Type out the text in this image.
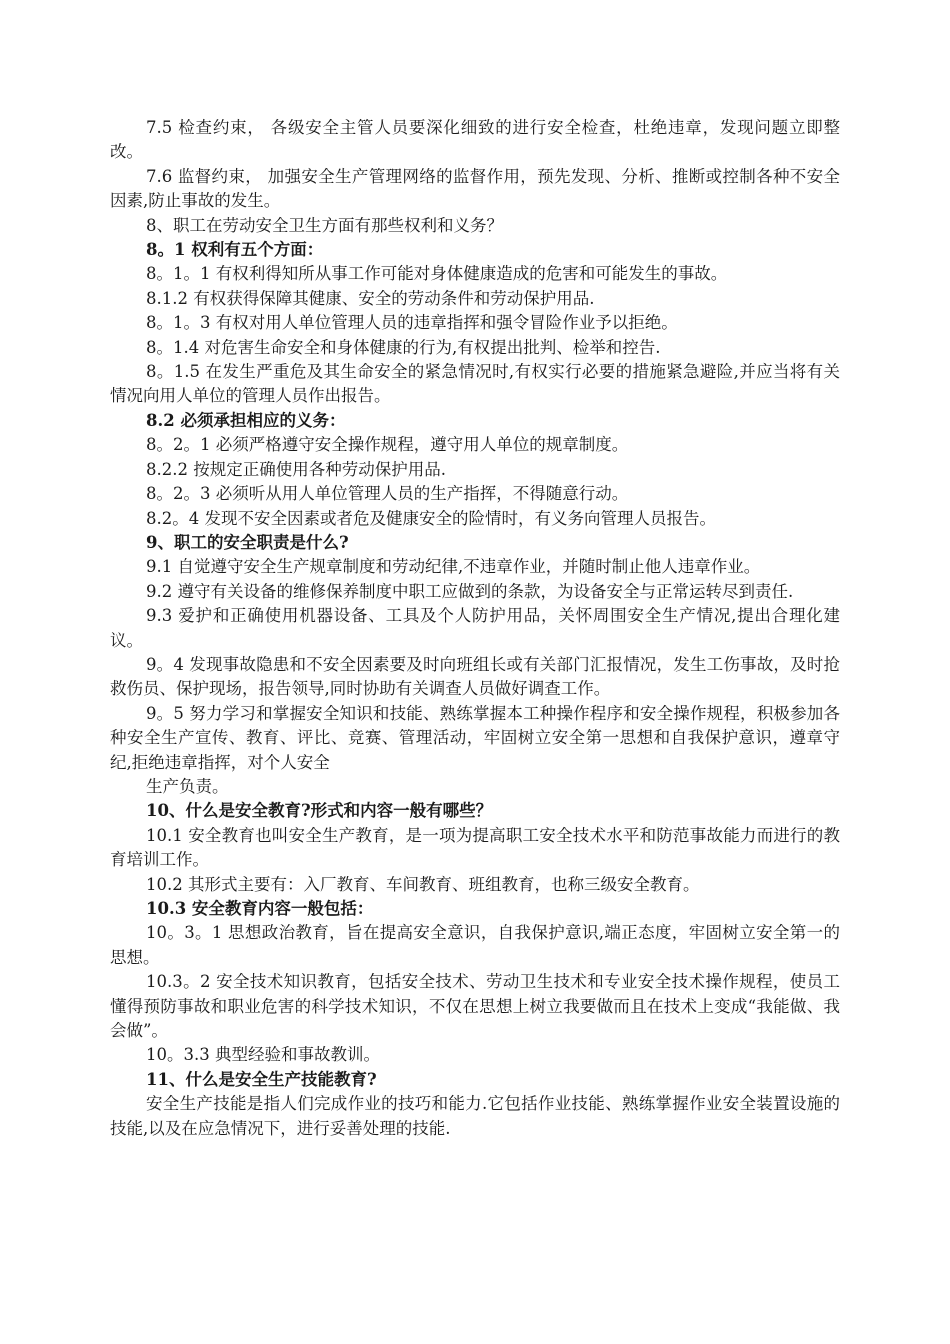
7.5 检查约束， 各级安全主管人员要深化细致的进行安全检查，杜绝违章，发现问题立即整改。

7.6 监督约束， 加强安全生产管理网络的监督作用，预先发现、分析、推断或控制各种不安全因素,防止事故的发生。

8、职工在劳动安全卫生方面有那些权利和义务？

8。1 权利有五个方面：

8。1。1 有权利得知所从事工作可能对身体健康造成的危害和可能发生的事故。

8.1.2 有权获得保障其健康、安全的劳动条件和劳动保护用品.

8。1。3 有权对用人单位管理人员的违章指挥和强令冒险作业予以拒绝。

8。1.4 对危害生命安全和身体健康的行为,有权提出批判、检举和控告.

8。1.5 在发生严重危及其生命安全的紧急情况时,有权实行必要的措施紧急避险,并应当将有关情况向用人单位的管理人员作出报告。

8.2 必须承担相应的义务：

8。2。1 必须严格遵守安全操作规程，遵守用人单位的规章制度。

8.2.2 按规定正确使用各种劳动保护用品.

8。2。3 必须听从用人单位管理人员的生产指挥，不得随意行动。

8.2。4 发现不安全因素或者危及健康安全的险情时，有义务向管理人员报告。

9、职工的安全职责是什么?

9.1 自觉遵守安全生产规章制度和劳动纪律,不违章作业，并随时制止他人违章作业。

9.2 遵守有关设备的维修保养制度中职工应做到的条款，为设备安全与正常运转尽到责任.

9.3 爱护和正确使用机器设备、工具及个人防护用品，关怀周围安全生产情况,提出合理化建议。

9。4 发现事故隐患和不安全因素要及时向班组长或有关部门汇报情况，发生工伤事故，及时抢救伤员、保护现场，报告领导,同时协助有关调查人员做好调查工作。

9。5 努力学习和掌握安全知识和技能、熟练掌握本工种操作程序和安全操作规程，积极参加各种安全生产宣传、教育、评比、竞赛、管理活动，牢固树立安全第一思想和自我保护意识，遵章守纪,拒绝违章指挥，对个人安全

生产负责。

10、什么是安全教育?形式和内容一般有哪些？

10.1 安全教育也叫安全生产教育，是一项为提高职工安全技术水平和防范事故能力而进行的教育培训工作。

10.2 其形式主要有：入厂教育、车间教育、班组教育，也称三级安全教育。

10.3 安全教育内容一般包括：

10。3。1 思想政治教育，旨在提高安全意识，自我保护意识,端正态度，牢固树立安全第一的思想。

10.3。2 安全技术知识教育，包括安全技术、劳动卫生技术和专业安全技术操作规程，使员工懂得预防事故和职业危害的科学技术知识，不仅在思想上树立我要做而且在技术上变成“我能做、我会做”。

10。3.3 典型经验和事故教训。

11、什么是安全生产技能教育?

安全生产技能是指人们完成作业的技巧和能力.它包括作业技能、熟练掌握作业安全装置设施的技能,以及在应急情况下，进行妥善处理的技能.
